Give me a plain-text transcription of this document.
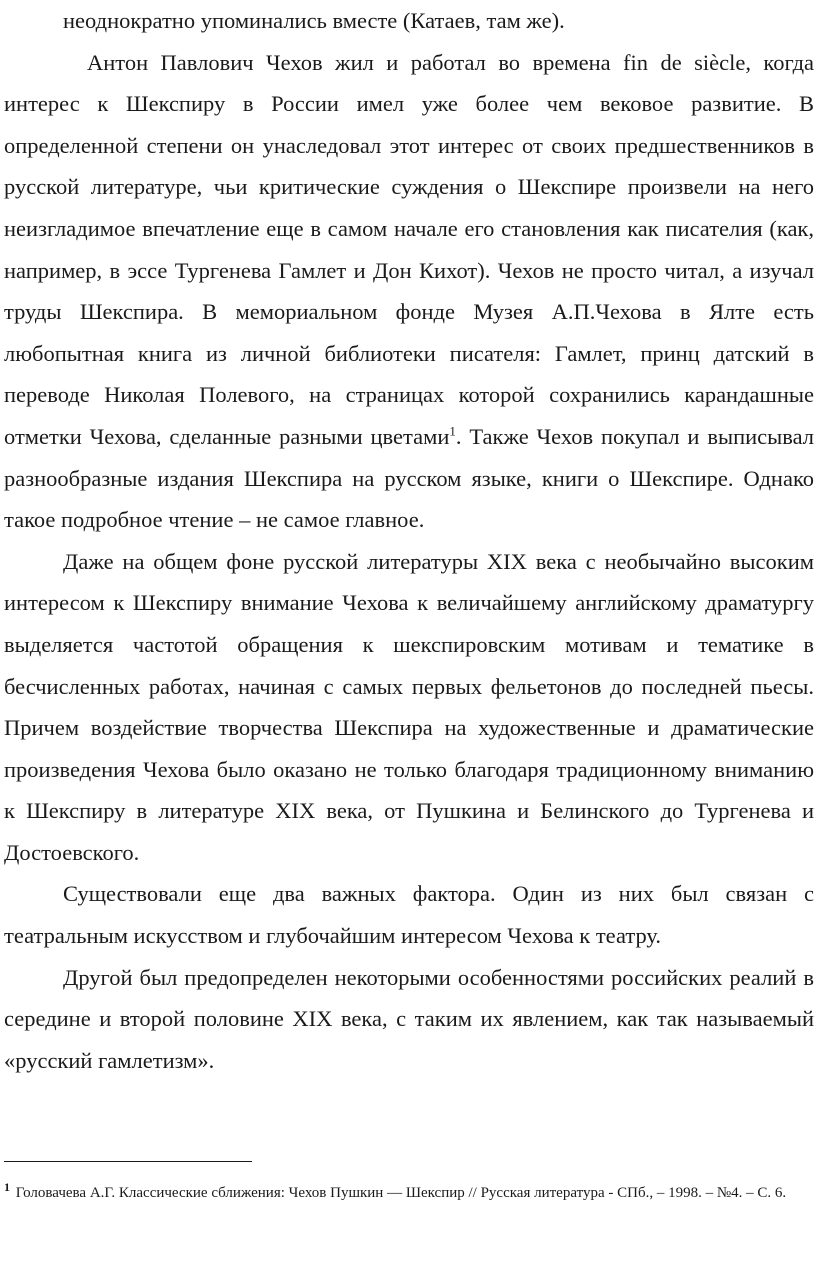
неоднократно упоминались вместе (Катаев, там же).

Антон Павлович Чехов жил и работал во времена fin de siècle, когда интерес к Шекспиру в России имел уже более чем вековое развитие. В определенной степени он унаследовал этот интерес от своих предшественников в русской литературе, чьи критические суждения о Шекспире произвели на него неизгладимое впечатление еще в самом начале его становления как писателия (как, например, в эссе Тургенева Гамлет и Дон Кихот). Чехов не просто читал, а изучал труды Шекспира. В мемориальном фонде Музея А.П.Чехова в Ялте есть любопытная книга из личной библиотеки писателя: Гамлет, принц датский в переводе Николая Полевого, на страницах которой сохранились карандашные отметки Чехова, сделанные разными цветами$^1$. Также Чехов покупал и выписывал разнообразные издания Шекспира на русском языке, книги о Шекспире. Однако такое подробное чтение – не самое главное.

Даже на общем фоне русской литературы XIX века с необычайно высоким интересом к Шекспиру внимание Чехова к величайшему английскому драматургу выделяется частотой обращения к шекспировским мотивам и тематике в бесчисленных работах, начиная с самых первых фельетонов до последней пьесы. Причем воздействие творчества Шекспира на художественные и драматические произведения Чехова было оказано не только благодаря традиционному вниманию к Шекспиру в литературе XIX века, от Пушкина и Белинского до Тургенева и Достоевского.

Существовали еще два важных фактора. Один из них был связан с театральным искусством и глубочайшим интересом Чехова к театру.

Другой был предопределен некоторыми особенностями российских реалий в середине и второй половине XIX века, с таким их явлением, как так называемый «русский гамлетизм».

$^1$ Головачева А.Г. Классические сближения: Чехов Пушкин — Шекспир // Русская литература - СПб., – 1998. – №4. – С. 6.
